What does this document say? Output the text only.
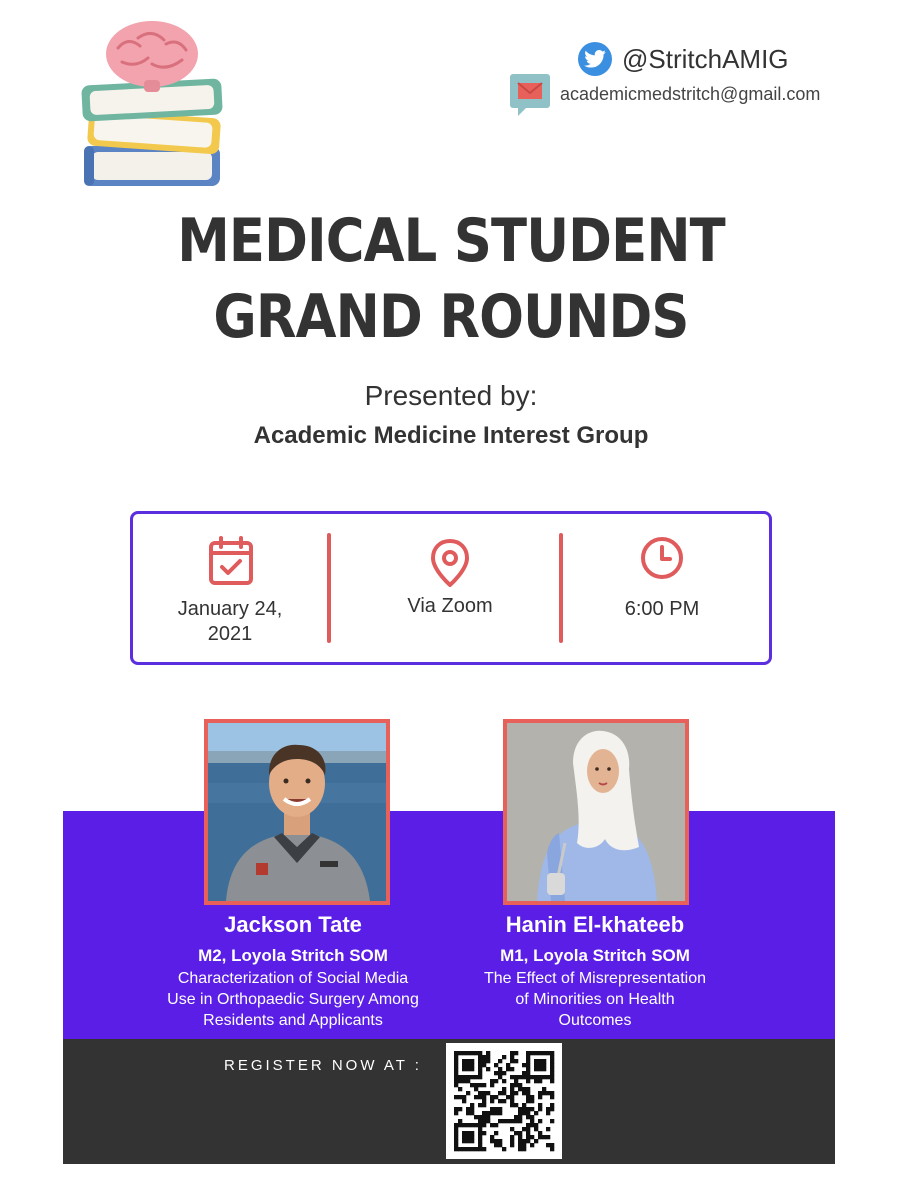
@StritchAMIG
academicmedstritch@gmail.com
MEDICAL STUDENT
GRAND ROUNDS
Presented by:
Academic Medicine Interest Group
January 24,
2021
Via Zoom	6:00 PM
Jackson Tate
M2, Loyola Stritch SOM
Characterization of Social Media
Use in Orthopaedic Surgery Among
Residents and Applicants
Hanin El-khateeb
M1, Loyola Stritch SOM
The Effect of Misrepresentation
of Minorities on Health
Outcomes
REGISTER NOW AT :
